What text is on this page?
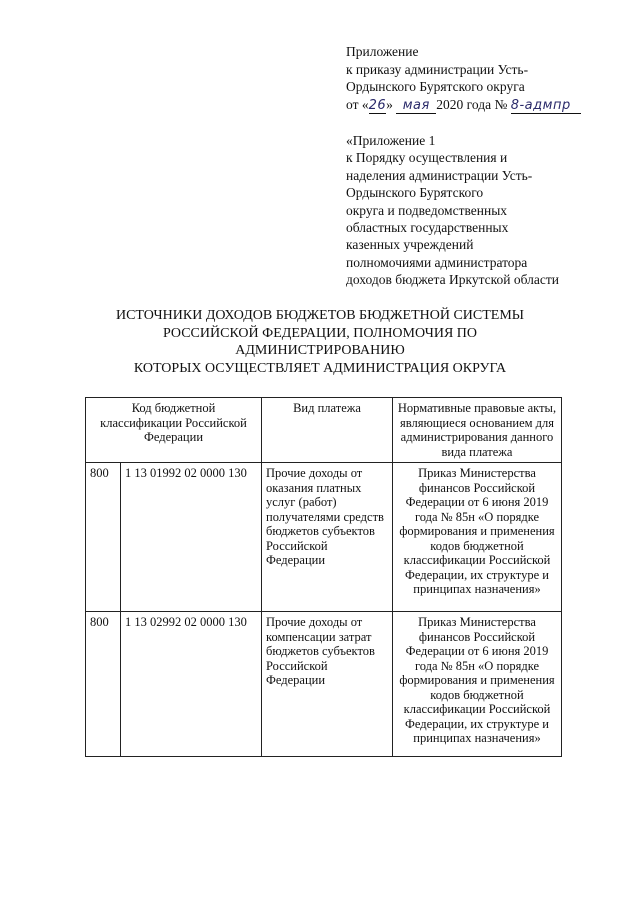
Приложение
к приказу администрации Усть-
Ордынского Бурятского округа
от «26» мая 2020 года № 8-адмпр
«Приложение 1
к Порядку осуществления и
наделения администрации Усть-
Ордынского Бурятского
округа и подведомственных
областных государственных
казенных учреждений
полномочиями администратора
доходов бюджета Иркутской области
ИСТОЧНИКИ ДОХОДОВ БЮДЖЕТОВ БЮДЖЕТНОЙ СИСТЕМЫ
РОССИЙСКОЙ ФЕДЕРАЦИИ, ПОЛНОМОЧИЯ ПО
АДМИНИСТРИРОВАНИЮ
КОТОРЫХ ОСУЩЕСТВЛЯЕТ АДМИНИСТРАЦИЯ ОКРУГА
Код бюджетной классификации Российской Федерации		Вид платежа	Нормативные правовые акты, являющиеся основанием для администрирования данного вида платежа
800	1 13 01992 02 0000 130	Прочие доходы от оказания платных услуг (работ) получателями средств бюджетов субъектов Российской Федерации	Приказ Министерства финансов Российской Федерации от 6 июня 2019 года № 85н «О порядке формирования и применения кодов бюджетной классификации Российской Федерации, их структуре и принципах назначения»
800	1 13 02992 02 0000 130	Прочие доходы от компенсации затрат бюджетов субъектов Российской Федерации	Приказ Министерства финансов Российской Федерации от 6 июня 2019 года № 85н «О порядке формирования и применения кодов бюджетной классификации Российской Федерации, их структуре и принципах назначения»
